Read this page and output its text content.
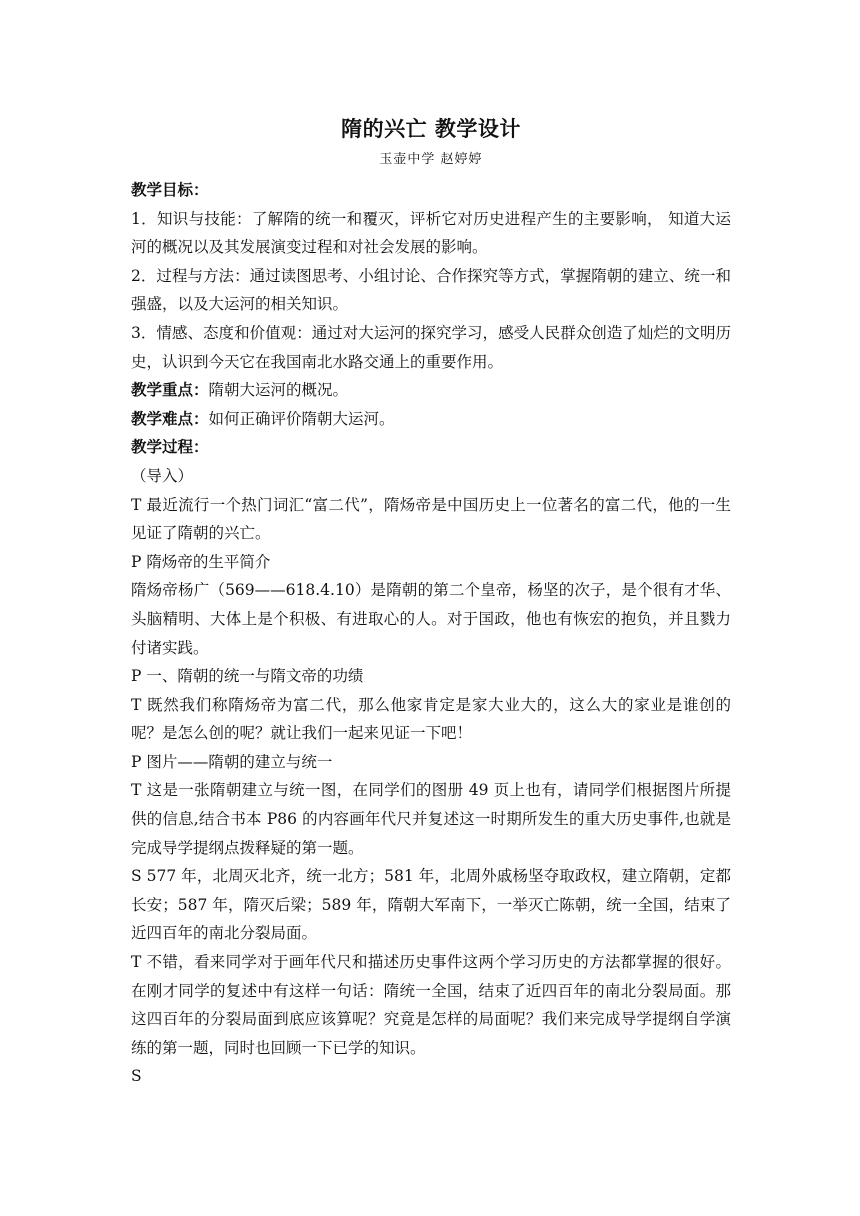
隋的兴亡 教学设计
玉壶中学 赵婷婷

教学目标：

1．知识与技能：了解隋的统一和覆灭，评析它对历史进程产生的主要影响， 知道大运河的概况以及其发展演变过程和对社会发展的影响。

2．过程与方法：通过读图思考、小组讨论、合作探究等方式，掌握隋朝的建立、统一和强盛，以及大运河的相关知识。

3．情感、态度和价值观：通过对大运河的探究学习，感受人民群众创造了灿烂的文明历史，认识到今天它在我国南北水路交通上的重要作用。

教学重点：隋朝大运河的概况。

教学难点：如何正确评价隋朝大运河。

教学过程：

（导入）

T 最近流行一个热门词汇“富二代”，隋炀帝是中国历史上一位著名的富二代，他的一生见证了隋朝的兴亡。

P 隋炀帝的生平简介

隋炀帝杨广（569——618.4.10）是隋朝的第二个皇帝，杨坚的次子，是个很有才华、头脑精明、大体上是个积极、有进取心的人。对于国政，他也有恢宏的抱负，并且戮力付诸实践。

P 一、隋朝的统一与隋文帝的功绩

T 既然我们称隋炀帝为富二代，那么他家肯定是家大业大的，这么大的家业是谁创的呢？是怎么创的呢？就让我们一起来见证一下吧！

P 图片——隋朝的建立与统一

T 这是一张隋朝建立与统一图，在同学们的图册 49 页上也有，请同学们根据图片所提供的信息,结合书本 P86 的内容画年代尺并复述这一时期所发生的重大历史事件,也就是完成导学提纲点拨释疑的第一题。

S 577 年，北周灭北齐，统一北方；581 年，北周外戚杨坚夺取政权，建立隋朝，定都长安；587 年，隋灭后梁；589 年，隋朝大军南下，一举灭亡陈朝，统一全国，结束了近四百年的南北分裂局面。

T 不错，看来同学对于画年代尺和描述历史事件这两个学习历史的方法都掌握的很好。在刚才同学的复述中有这样一句话：隋统一全国，结束了近四百年的南北分裂局面。那这四百年的分裂局面到底应该算呢？究竟是怎样的局面呢？我们来完成导学提纲自学演练的第一题，同时也回顾一下已学的知识。

S
